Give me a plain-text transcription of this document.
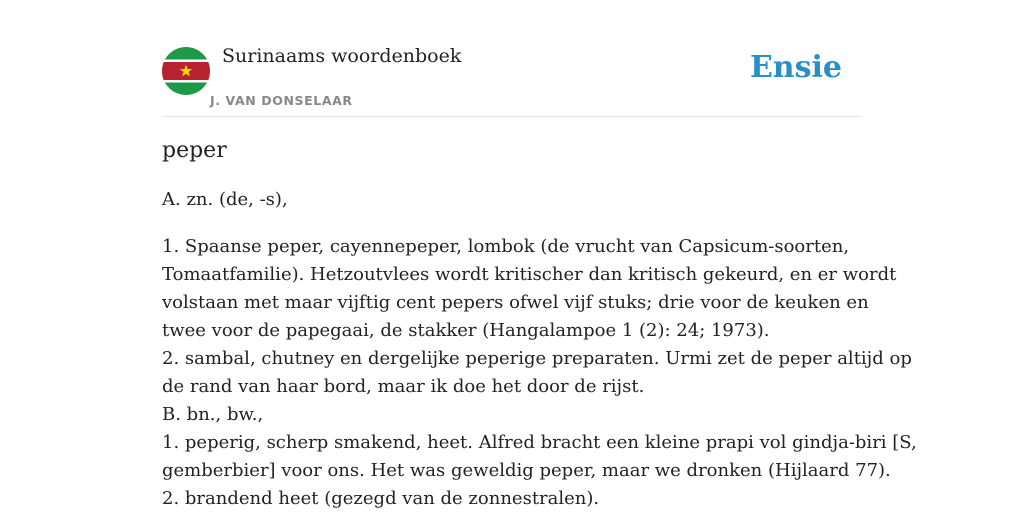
Surinaams woordenboek
J. VAN DONSELAAR
Ensie
peper
A. zn. (de, -s),
1. Spaanse peper, cayennepeper, lombok (de vrucht van Capsicum-soorten,
Tomaatfamilie). Hetzoutvlees wordt kritischer dan kritisch gekeurd, en er wordt
volstaan met maar vijftig cent pepers ofwel vijf stuks; drie voor de keuken en
twee voor de papegaai, de stakker (Hangalampoe 1 (2): 24; 1973).
2. sambal, chutney en dergelijke peperige preparaten. Urmi zet de peper altijd op
de rand van haar bord, maar ik doe het door de rijst.
B. bn., bw.,
1. peperig, scherp smakend, heet. Alfred bracht een kleine prapi vol gindja-biri [S,
gemberbier] voor ons. Het was geweldig peper, maar we dronken (Hijlaard 77).
2. brandend heet (gezegd van de zonnestralen).
